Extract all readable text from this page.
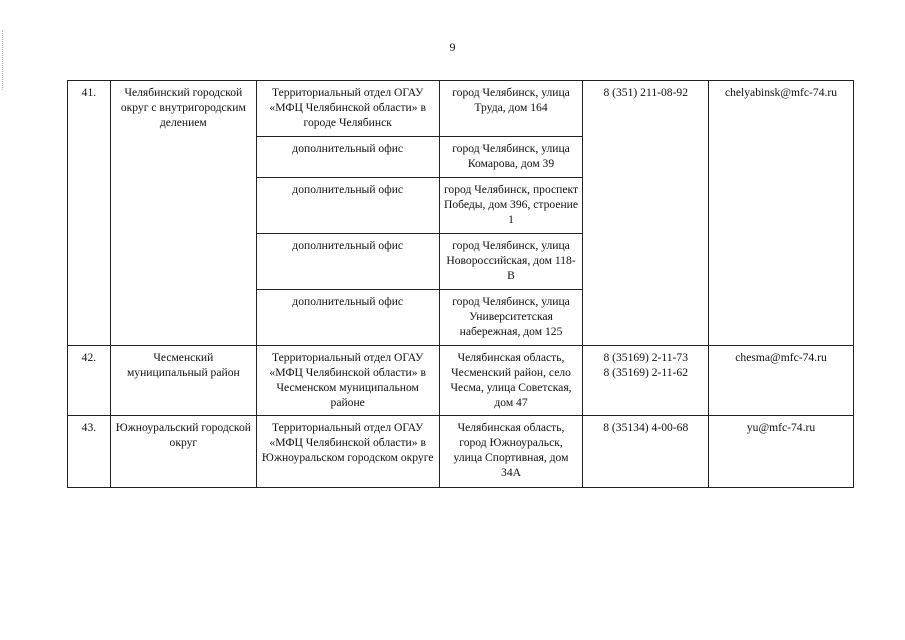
9
41.	Челябинский городской округ с внутригородским делением	Территориальный отдел ОГАУ «МФЦ Челябинской области» в городе Челябинск	город Челябинск, улица Труда, дом 164	8 (351) 211-08-92	chelyabinsk@mfc-74.ru
		дополнительный офис	город Челябинск, улица Комарова, дом 39		
		дополнительный офис	город Челябинск, проспект Победы, дом 396, строение 1		
		дополнительный офис	город Челябинск, улица Новороссийская, дом 118-В		
		дополнительный офис	город Челябинск, улица Университетская набережная, дом 125		
42.	Чесменский муниципальный район	Территориальный отдел ОГАУ «МФЦ Челябинской области» в Чесменском муниципальном районе	Челябинская область, Чесменский район, село Чесма, улица Советская, дом 47	8 (35169) 2-11-73
8 (35169) 2-11-62	chesma@mfc-74.ru
43.	Южноуральский городской округ	Территориальный отдел ОГАУ «МФЦ Челябинской области» в Южноуральском городском округе	Челябинская область, город Южноуральск, улица Спортивная, дом 34А	8 (35134) 4-00-68	yu@mfc-74.ru
